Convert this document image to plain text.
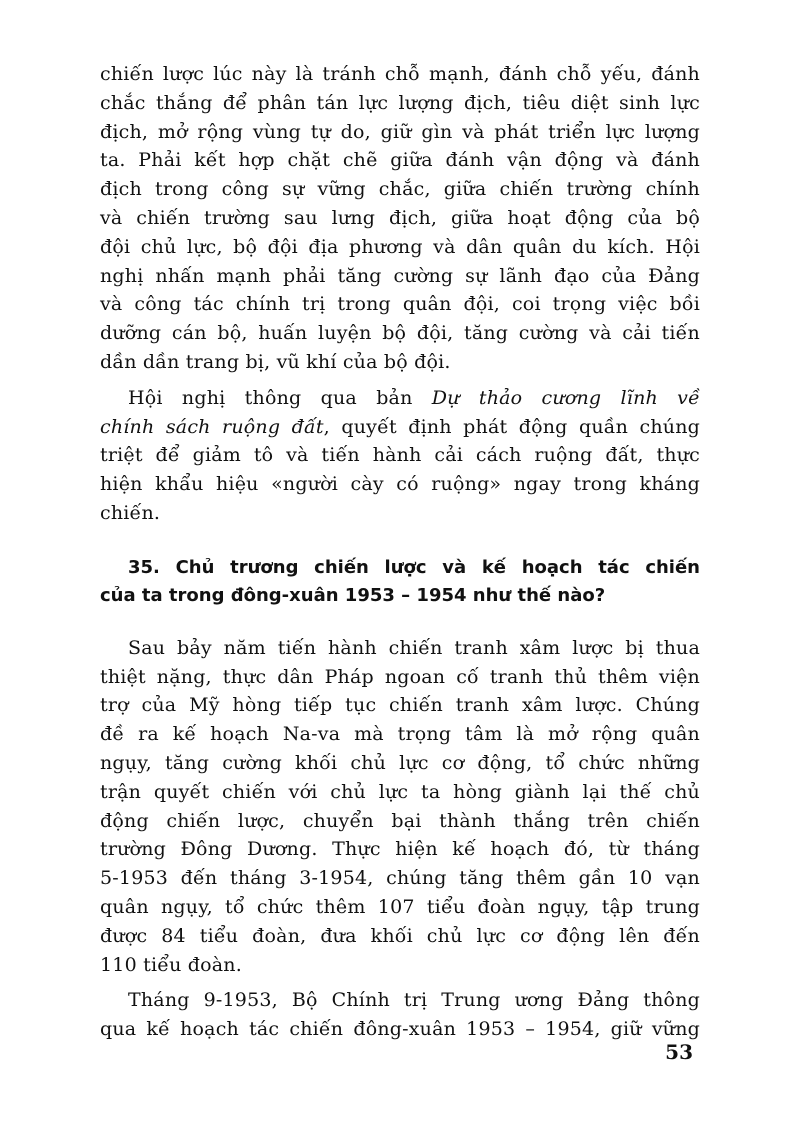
chiến lược lúc này là tránh chỗ mạnh, đánh chỗ yếu, đánh
chắc thắng để phân tán lực lượng địch, tiêu diệt sinh lực
địch, mở rộng vùng tự do, giữ gìn và phát triển lực lượng
ta. Phải kết hợp chặt chẽ giữa đánh vận động và đánh
địch trong công sự vững chắc, giữa chiến trường chính
và chiến trường sau lưng địch, giữa hoạt động của bộ
đội chủ lực, bộ đội địa phương và dân quân du kích. Hội
nghị nhấn mạnh phải tăng cường sự lãnh đạo của Đảng
và công tác chính trị trong quân đội, coi trọng việc bồi
dưỡng cán bộ, huấn luyện bộ đội, tăng cường và cải tiến
dần dần trang bị, vũ khí của bộ đội.

Hội nghị thông qua bản Dự thảo cương lĩnh về
chính sách ruộng đất, quyết định phát động quần chúng
triệt để giảm tô và tiến hành cải cách ruộng đất, thực
hiện khẩu hiệu «người cày có ruộng» ngay trong kháng
chiến.

35. Chủ trương chiến lược và kế hoạch tác chiến
của ta trong đông-xuân 1953 – 1954 như thế nào?

Sau bảy năm tiến hành chiến tranh xâm lược bị thua
thiệt nặng, thực dân Pháp ngoan cố tranh thủ thêm viện
trợ của Mỹ hòng tiếp tục chiến tranh xâm lược. Chúng
đề ra kế hoạch Na-va mà trọng tâm là mở rộng quân
ngụy, tăng cường khối chủ lực cơ động, tổ chức những
trận quyết chiến với chủ lực ta hòng giành lại thế chủ
động chiến lược, chuyển bại thành thắng trên chiến
trường Đông Dương. Thực hiện kế hoạch đó, từ tháng
5-1953 đến tháng 3-1954, chúng tăng thêm gần 10 vạn
quân ngụy, tổ chức thêm 107 tiểu đoàn ngụy, tập trung
được 84 tiểu đoàn, đưa khối chủ lực cơ động lên đến
110 tiểu đoàn.

Tháng 9-1953, Bộ Chính trị Trung ương Đảng thông
qua kế hoạch tác chiến đông-xuân 1953 – 1954, giữ vững

53
